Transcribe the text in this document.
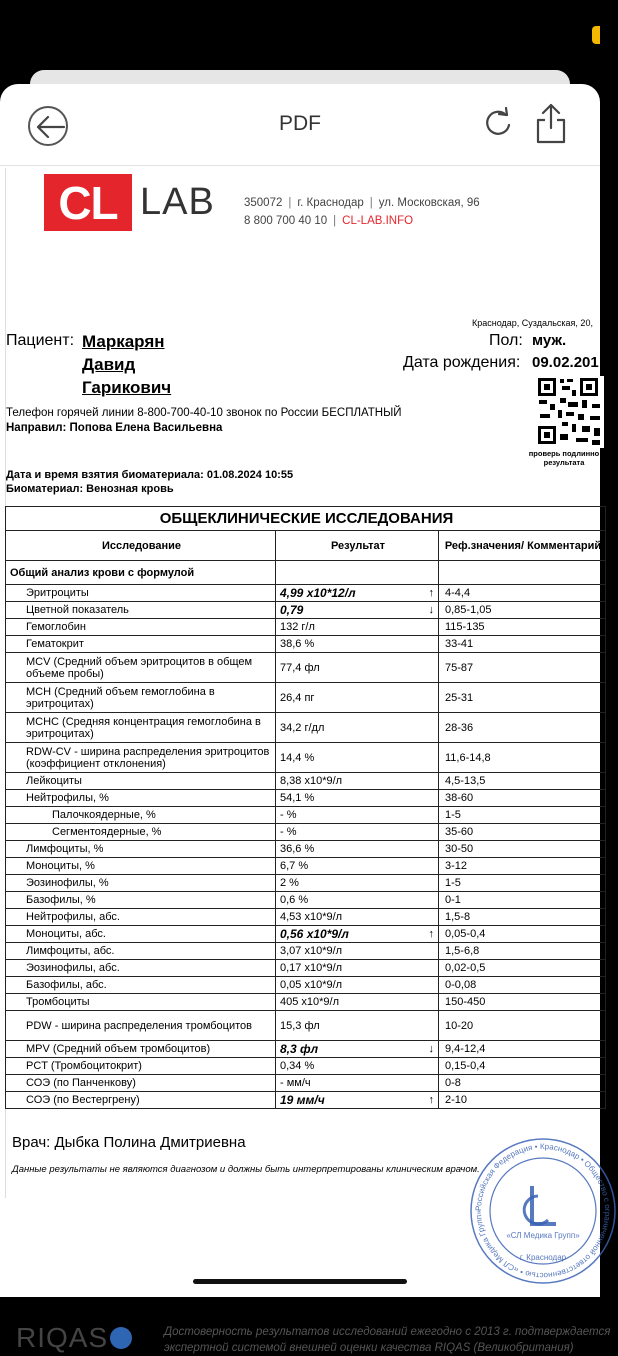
PDF
CL LAB	350072 | г. Краснодар | ул. Московская, 96
8 800 700 40 10 | CL-LAB.INFO
Краснодар, Суздальская, 20,
Пациент: Маркарян
Давид
Гарикович
Пол: муж.
Дата рождения: 09.02.201
проверь подлинно результата
Телефон горячей линии 8-800-700-40-10 звонок по России БЕСПЛАТНЫЙ
Направил: Попова Елена Васильевна
Дата и время взятия биоматериала: 01.08.2024 10:55
Биоматериал: Венозная кровь
ОБЩЕКЛИНИЧЕСКИЕ ИССЛЕДОВАНИЯ		
Исследование	Результат	Реф.значения/ Комментарий
Общий анализ крови с формулой		
Эритроциты	4,99 x10*12/л ↑	4-4,4
Цветной показатель	0,79 ↓	0,85-1,05
Гемоглобин	132 г/л	115-135
Гематокрит	38,6 %	33-41
MCV (Средний объем эритроцитов в общем объеме пробы)	77,4 фл	75-87
MCH (Средний объем гемоглобина в эритроцитах)	26,4 пг	25-31
MCHC (Средняя концентрация гемоглобина в эритроцитах)	34,2 г/дл	28-36
RDW-CV - ширина распределения эритроцитов (коэффициент отклонения)	14,4 %	11,6-14,8
Лейкоциты	8,38 x10*9/л	4,5-13,5
Нейтрофилы, %	54,1 %	38-60
Палочкоядерные, %	- %	1-5
Сегментоядерные, %	- %	35-60
Лимфоциты, %	36,6 %	30-50
Моноциты, %	6,7 %	3-12
Эозинофилы, %	2 %	1-5
Базофилы, %	0,6 %	0-1
Нейтрофилы, абс.	4,53 x10*9/л	1,5-8
Моноциты, абс.	0,56 x10*9/л ↑	0,05-0,4
Лимфоциты, абс.	3,07 x10*9/л	1,5-6,8
Эозинофилы, абс.	0,17 x10*9/л	0,02-0,5
Базофилы, абс.	0,05 x10*9/л	0-0,08
Тромбоциты	405 x10*9/л	150-450
PDW - ширина распределения тромбоцитов	15,3 фл	10-20
MPV (Средний объем тромбоцитов)	8,3 фл ↓	9,4-12,4
PCT (Тромбоцитокрит)	0,34 %	0,15-0,4
СОЭ (по Панченкову)	- мм/ч	0-8
СОЭ (по Вестергрену)	19 мм/ч ↑	2-10
Врач: Дыбка Полина Дмитриевна
Данные результаты не являются диагнозом и должны быть интерпретированы клиническим врачом.
Российская Федерация • Краснодар • Общество с ограниченной ответственностью • «СЛ Медика Групп»
«СЛ Медика Групп»
г. Краснодар
Документ сформирован: 01.08.2024 21:25:01	CL	стр.1 из
RIQAS	Достоверность результатов исследований ежегодно с 2013 г. подтверждается
экспертной системой внешней оценки качества RIQAS (Великобритания)
